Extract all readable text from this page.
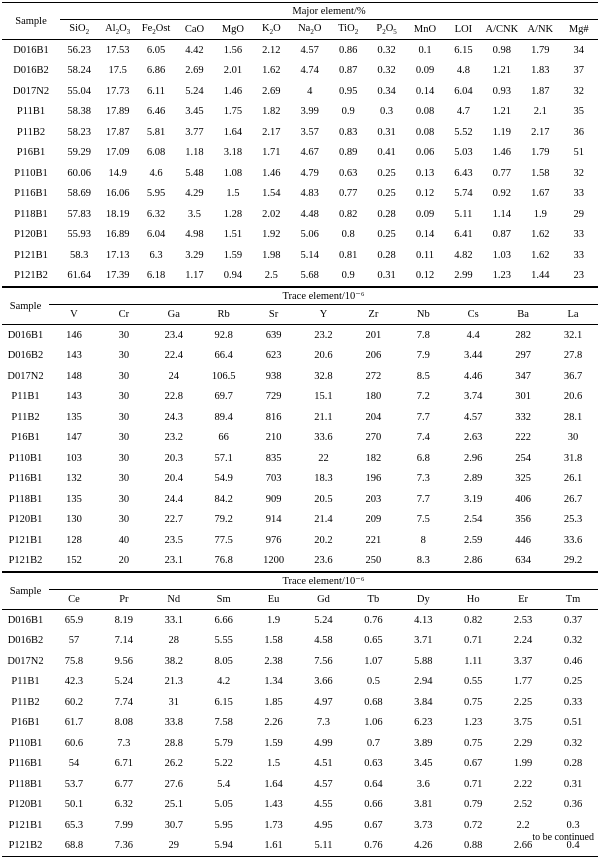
Sample	Major element/%													
	SiO$_2$	$Al_2O_3$	$Fe_2Ost$	CaO	MgO	$K_2O$	$Na_2O$	TiO$_2$	$P_2O_5$	MnO	LOI	A/CNK	A/NK	Mg#
D016B1	56.23	17.53	6.05	4.42	1.56	2.12	4.57	0.86	0.32	0.1	6.15	0.98	1.79	34
D016B2	58.24	17.5	6.86	2.69	2.01	1.62	4.74	0.87	0.32	0.09	4.8	1.21	1.83	37
D017N2	55.04	17.73	6.11	5.24	1.46	2.69	4	0.95	0.34	0.14	6.04	0.93	1.87	32
P11B1	58.38	17.89	6.46	3.45	1.75	1.82	3.99	0.9	0.3	0.08	4.7	1.21	2.1	35
P11B2	58.23	17.87	5.81	3.77	1.64	2.17	3.57	0.83	0.31	0.08	5.52	1.19	2.17	36
P16B1	59.29	17.09	6.08	1.18	3.18	1.71	4.67	0.89	0.41	0.06	5.03	1.46	1.79	51
P110B1	60.06	14.9	4.6	5.48	1.08	1.46	4.79	0.63	0.25	0.13	6.43	0.77	1.58	32
P116B1	58.69	16.06	5.95	4.29	1.5	1.54	4.83	0.77	0.25	0.12	5.74	0.92	1.67	33
P118B1	57.83	18.19	6.32	3.5	1.28	2.02	4.48	0.82	0.28	0.09	5.11	1.14	1.9	29
P120B1	55.93	16.89	6.04	4.98	1.51	1.92	5.06	0.8	0.25	0.14	6.41	0.87	1.62	33
P121B1	58.3	17.13	6.3	3.29	1.59	1.98	5.14	0.81	0.28	0.11	4.82	1.03	1.62	33
P121B2	61.64	17.39	6.18	1.17	0.94	2.5	5.68	0.9	0.31	0.12	2.99	1.23	1.44	23
Sample	Trace element/10⁻⁶										
	V	Cr	Ga	Rb	Sr	Y	Zr	Nb	Cs	Ba	La
D016B1	146	30	23.4	92.8	639	23.2	201	7.8	4.4	282	32.1
D016B2	143	30	22.4	66.4	623	20.6	206	7.9	3.44	297	27.8
D017N2	148	30	24	106.5	938	32.8	272	8.5	4.46	347	36.7
P11B1	143	30	22.8	69.7	729	15.1	180	7.2	3.74	301	20.6
P11B2	135	30	24.3	89.4	816	21.1	204	7.7	4.57	332	28.1
P16B1	147	30	23.2	66	210	33.6	270	7.4	2.63	222	30
P110B1	103	30	20.3	57.1	835	22	182	6.8	2.96	254	31.8
P116B1	132	30	20.4	54.9	703	18.3	196	7.3	2.89	325	26.1
P118B1	135	30	24.4	84.2	909	20.5	203	7.7	3.19	406	26.7
P120B1	130	30	22.7	79.2	914	21.4	209	7.5	2.54	356	25.3
P121B1	128	40	23.5	77.5	976	20.2	221	8	2.59	446	33.6
P121B2	152	20	23.1	76.8	1200	23.6	250	8.3	2.86	634	29.2
Sample	Trace element/10⁻⁶										
	Ce	Pr	Nd	Sm	Eu	Gd	Tb	Dy	Ho	Er	Tm
D016B1	65.9	8.19	33.1	6.66	1.9	5.24	0.76	4.13	0.82	2.53	0.37
D016B2	57	7.14	28	5.55	1.58	4.58	0.65	3.71	0.71	2.24	0.32
D017N2	75.8	9.56	38.2	8.05	2.38	7.56	1.07	5.88	1.11	3.37	0.46
P11B1	42.3	5.24	21.3	4.2	1.34	3.66	0.5	2.94	0.55	1.77	0.25
P11B2	60.2	7.74	31	6.15	1.85	4.97	0.68	3.84	0.75	2.25	0.33
P16B1	61.7	8.08	33.8	7.58	2.26	7.3	1.06	6.23	1.23	3.75	0.51
P110B1	60.6	7.3	28.8	5.79	1.59	4.99	0.7	3.89	0.75	2.29	0.32
P116B1	54	6.71	26.2	5.22	1.5	4.51	0.63	3.45	0.67	1.99	0.28
P118B1	53.7	6.77	27.6	5.4	1.64	4.57	0.64	3.6	0.71	2.22	0.31
P120B1	50.1	6.32	25.1	5.05	1.43	4.55	0.66	3.81	0.79	2.52	0.36
P121B1	65.3	7.99	30.7	5.95	1.73	4.95	0.67	3.73	0.72	2.2	0.3
P121B2	68.8	7.36	29	5.94	1.61	5.11	0.76	4.26	0.88	2.66	0.4
to be continued
